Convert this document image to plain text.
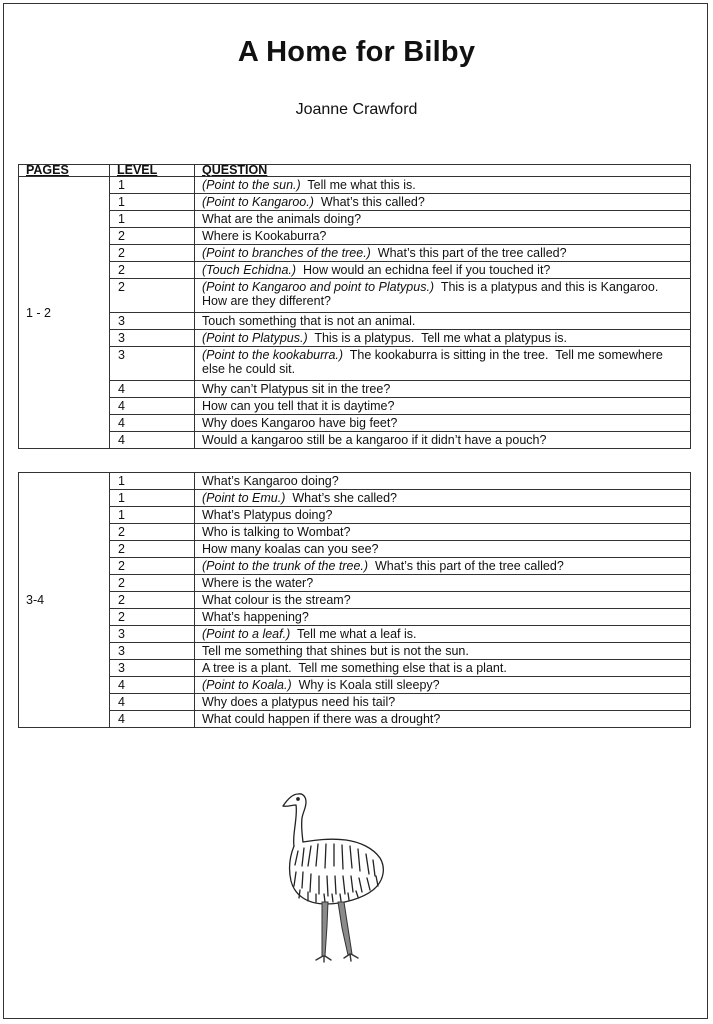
A Home for Bilby
Joanne Crawford
PAGES	LEVEL	QUESTION
1 - 2	1	(Point to the sun.)  Tell me what this is.
	1	(Point to Kangaroo.)  What’s this called?
	1	What are the animals doing?
	2	Where is Kookaburra?
	2	(Point to branches of the tree.)  What’s this part of the tree called?
	2	(Touch Echidna.)  How would an echidna feel if you touched it?
	2	(Point to Kangaroo and point to Platypus.)  This is a platypus and this is Kangaroo.  How are they different?
	3	Touch something that is not an animal.
	3	(Point to Platypus.)  This is a platypus.  Tell me what a platypus is.
	3	(Point to the kookaburra.)  The kookaburra is sitting in the tree.  Tell me somewhere else he could sit.
	4	Why can’t Platypus sit in the tree?
	4	How can you tell that it is daytime?
	4	Why does Kangaroo have big feet?
	4	Would a kangaroo still be a kangaroo if it didn’t have a pouch?
3-4	1	What’s Kangaroo doing?
	1	(Point to Emu.)  What’s she called?
	1	What’s Platypus doing?
	2	Who is talking to Wombat?
	2	How many koalas can you see?
	2	(Point to the trunk of the tree.)  What’s this part of the tree called?
	2	Where is the water?
	2	What colour is the stream?
	2	What’s happening?
	3	(Point to a leaf.)  Tell me what a leaf is.
	3	Tell me something that shines but is not the sun.
	3	A tree is a plant.  Tell me something else that is a plant.
	4	(Point to Koala.)  Why is Koala still sleepy?
	4	Why does a platypus need his tail?
	4	What could happen if there was a drought?
